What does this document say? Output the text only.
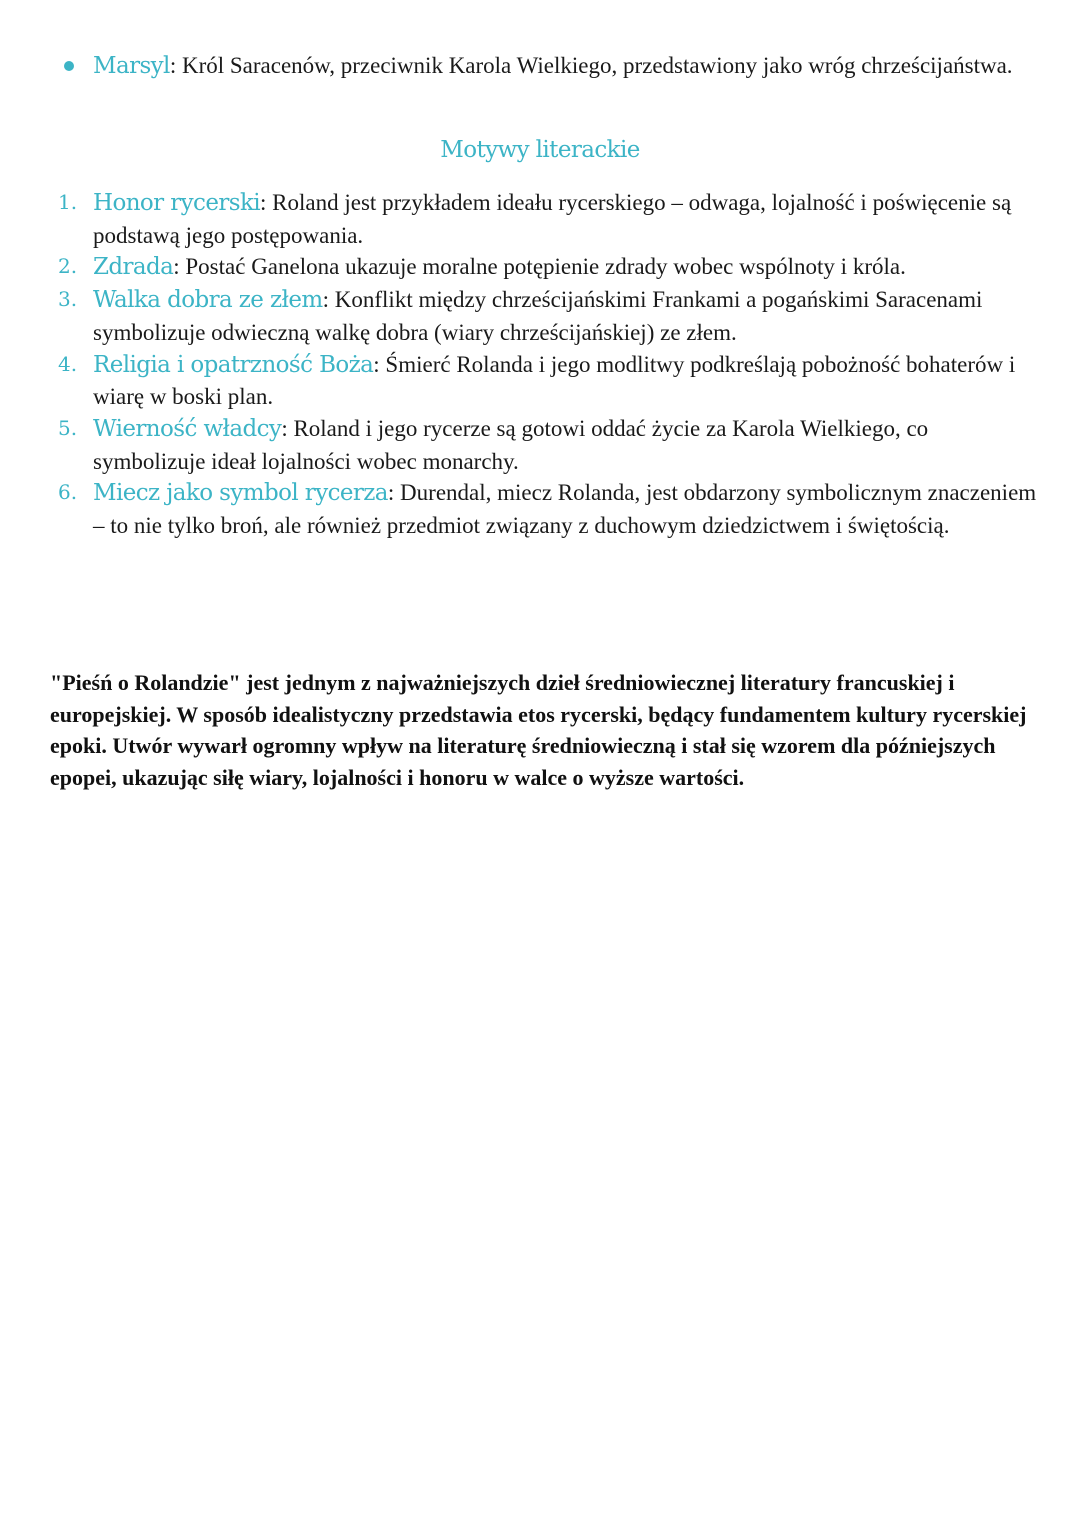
Marsyl: Król Saracenów, przeciwnik Karola Wielkiego, przedstawiony jako wróg chrześcijaństwa.
Motywy literackie
1. Honor rycerski: Roland jest przykładem ideału rycerskiego – odwaga, lojalność i poświęcenie są podstawą jego postępowania.
2. Zdrada: Postać Ganelona ukazuje moralne potępienie zdrady wobec wspólnoty i króla.
3. Walka dobra ze złem: Konflikt między chrześcijańskimi Frankami a pogańskimi Saracenami symbolizuje odwieczną walkę dobra (wiary chrześcijańskiej) ze złem.
4. Religia i opatrzność Boża: Śmierć Rolanda i jego modlitwy podkreślają pobożność bohaterów i wiarę w boski plan.
5. Wierność władcy: Roland i jego rycerze są gotowi oddać życie za Karola Wielkiego, co symbolizuje ideał lojalności wobec monarchy.
6. Miecz jako symbol rycerza: Durendal, miecz Rolanda, jest obdarzony symbolicznym znaczeniem – to nie tylko broń, ale również przedmiot związany z duchowym dziedzictwem i świętością.

"Pieśń o Rolandzie" jest jednym z najważniejszych dzieł średniowiecznej literatury francuskiej i europejskiej. W sposób idealistyczny przedstawia etos rycerski, będący fundamentem kultury rycerskiej epoki. Utwór wywarł ogromny wpływ na literaturę średniowieczną i stał się wzorem dla późniejszych epopei, ukazując siłę wiary, lojalności i honoru w walce o wyższe wartości.
